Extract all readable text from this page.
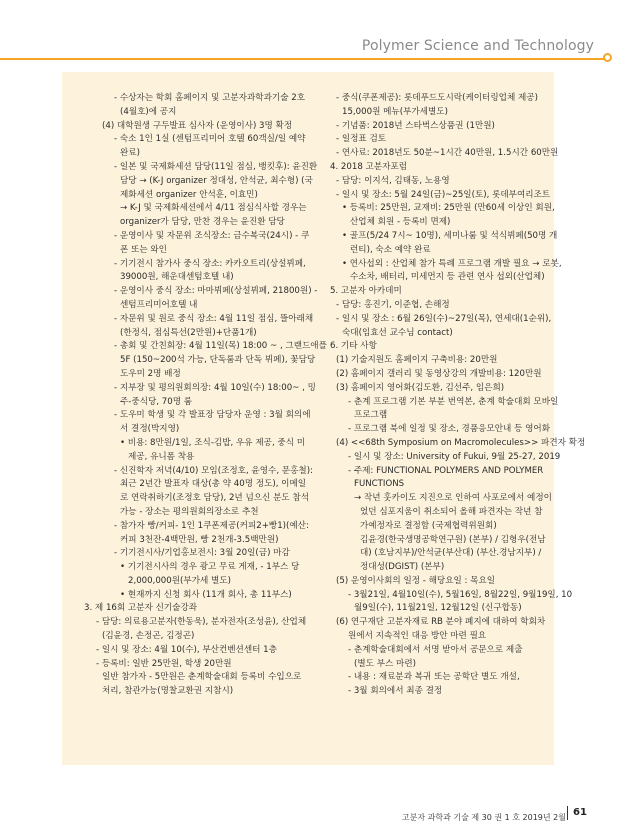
Polymer Science and Technology
- 수상자는 학회 홈페이지 및 고분자과학과기술 2호
(4월호)에 공지
(4) 대학원생 구두발표 심사자 (운영이사) 3명 확정
- 숙소 1인 1실 (센텀프리미어 호텔 60객실/일 예약
완료)
- 일본 및 국제화세션 담당(11일 점심, 뱅킷후): 윤진환
담당 → (K-J organizer 정대성, 안석균, 최수형) (국
제화세션 organizer 안석훈, 이효민)
→ K-J 및 국제화세션에서 4/11 점심식사할 경우는
organizer가 담당, 만찬 경우는 윤진환 담당
- 운영이사 및 자문위 조식장소: 금수복국(24시) - 쿠
폰 또는 와인
- 기기전시 참가사 중식 장소: 카카오트리(상설뷔페,
39000원, 해운대센텀호텔 내)
- 운영이사 중식 장소: 마마뷔페(상설뷔페, 21800원) -
센텀프리미어호텔 내
- 자문위 및 원로 중식 장소: 4월 11일 점심, 뜰아래채
(한정식, 점심특선(2만원)+단품1개)
- 총회 및 간친회장: 4월 11일(목) 18:00 ~ , 그랜드애플
5F (150~200석 가능, 단독룸과 단독 뷔페), 꽃담당
도우미 2명 배정
- 지부장 및 평의원회의장: 4월 10일(수) 18:00~ , 밍
주-중식당, 70명 룸
- 도우미 학생 및 각 발표장 담당자 운영 : 3월 회의에
서 결정(박지영)
• 비용: 8만원/1일, 조식-김밥, 우유 제공, 중식 미
제공, 유니폼 착용
- 신진학자 저녁(4/10) 모임(조정호, 윤영수, 문홍철):
최근 2년간 발표자 대상(총 약 40명 정도), 이메일
로 연락취하기(조정호 담당), 2년 넘으신 분도 참석
가능 - 장소는 평의원회의장소로 추천
- 참가자 빵/커피- 1인 1쿠폰제공(커피2+빵1)(예산:
커피 3천잔-4백만원, 빵 2천개-3.5백만원)
- 기기전시사/기업홍보전시: 3월 20일(금) 마감
• 기기전시사의 경우 광고 무료 게재, - 1부스 당
2,000,000원(부가세 별도)
• 현재까지 신청 회사 (11개 회사, 총 11부스)
3. 제 16회 고분자 신기술강좌
- 담당: 의료용고분자(한동욱), 분자전자(조성윤), 산업체
(김윤경, 손정곤, 김정곤)
- 일시 및 장소: 4월 10(수), 부산컨벤션센터 1층
- 등록비: 일반 25만원, 학생 20만원
일반 참가자 - 5만원은 춘계학술대회 등록비 수입으로
처리, 참관가능(명찰교환권 지참시)
- 중식(쿠폰제공): 롯데푸드도시락(케이터링업체 제공)
15,000원 메뉴(부가세별도)
- 기념품: 2018년 스타벅스상품권 (1만원)
- 일정표 검토
- 연사료: 2018년도 50분~1시간 40만원, 1.5시간 60만원
4. 2018 고분자포럼
- 담당: 이지석, 김태동, 노용영
- 일시 및 장소: 5월 24일(금)~25일(토), 롯데부여리조트
• 등록비: 25만원, 교재비: 25만원 (만60세 이상인 회원,
산업체 회원 - 등록비 면제)
• 골프(5/24 7시~ 10명), 세미나룸 및 석식뷔페(50명 개
런티), 숙소 예약 완료
• 연사섭외 : 산업체 참가 특례 프로그램 개발 필요 → 로봇,
수소차, 배터리, 미세먼지 등 관련 연사 섭외(산업체)
5. 고분자 아카데미
- 담당: 홍진기, 이준협, 손해정
- 일시 및 장소 : 6월 26일(수)~27일(목), 연세대(1순위),
숙대(임효선 교수님 contact)
6. 기타 사항
(1) 기술지원도 홈페이지 구축비용: 20만원
(2) 홈페이지 갤러리 및 동영상강의 개발비용: 120만원
(3) 홈페이지 영어화(김도환, 김선주, 임은희)
- 춘계 프로그램 기본 부분 번역본, 춘계 학술대회 모바일
프로그램
- 프로그램 북에 일정 및 장소, 경품응모안내 등 영어화
(4) <<68th Symposium on Macromolecules>> 파견자 확정
- 일시 및 장소: University of Fukui, 9월 25-27, 2019
- 주제: FUNCTIONAL POLYMERS AND POLYMER
FUNCTIONS
→ 작년 훗카이도 지진으로 인하여 사포로에서 예정이
었던 심포지움이 취소되어 올해 파견자는 작년 참
가예정자로 결정함 (국제협력위원회)
김윤경(한국생명공학연구원) (본부) / 김형우(전남
대) (호남지부)/안석균(부산대) (부산.경남지부) /
정대성(DGIST) (본부)
(5) 운영이사회의 일정 - 해당요일 : 목요일
- 3월21일, 4월10일(수), 5월16일, 8월22일, 9월19일, 10
월9일(수), 11월21일, 12월12일 (신구합동)
(6) 연구재단 고분자재료 RB 분야 폐지에 대하여 학회차
원에서 지속적인 대응 방안 마련 필요
- 춘계학술대회에서 서명 받아서 공문으로 제출
(별도 부스 마련)
- 내용 : 재료분과 복귀 또는 공학단 별도 개설,
- 3월 회의에서 최종 결정
고분자 과학과 기술 제 30 권 1 호 2019년 2월 61
